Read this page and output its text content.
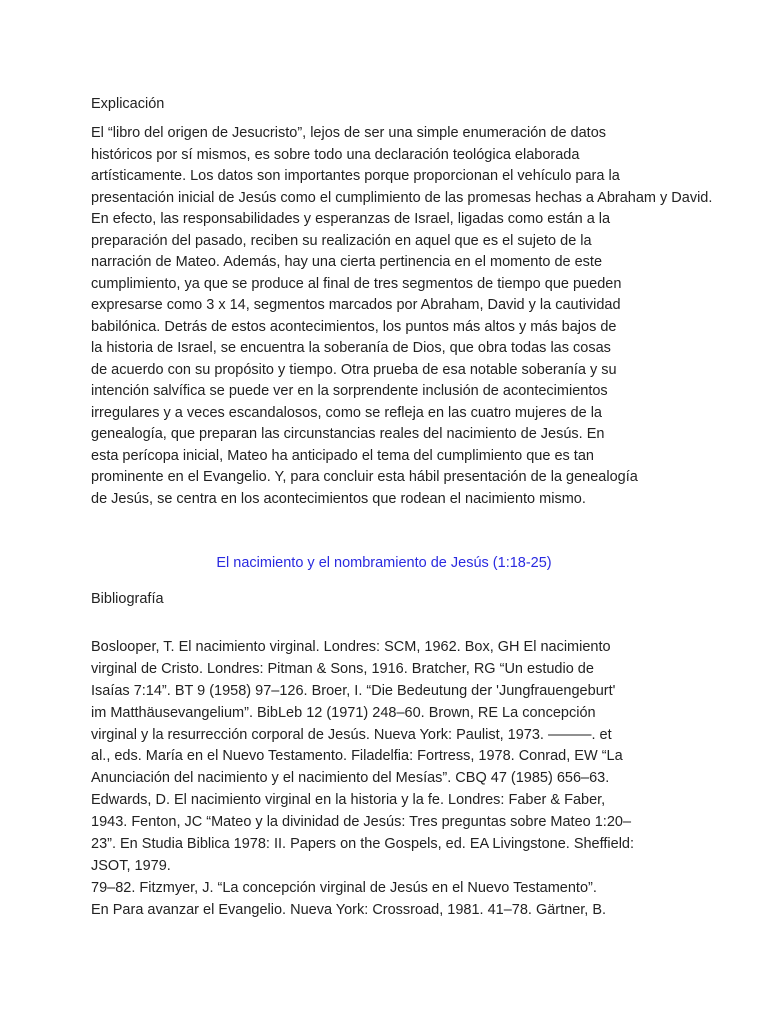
Explicación

El “libro del origen de Jesucristo”, lejos de ser una simple enumeración de datos
históricos por sí mismos, es sobre todo una declaración teológica elaborada
artísticamente. Los datos son importantes porque proporcionan el vehículo para la
presentación inicial de Jesús como el cumplimiento de las promesas hechas a Abraham y David.
En efecto, las responsabilidades y esperanzas de Israel, ligadas como están a la
preparación del pasado, reciben su realización en aquel que es el sujeto de la
narración de Mateo. Además, hay una cierta pertinencia en el momento de este
cumplimiento, ya que se produce al final de tres segmentos de tiempo que pueden
expresarse como 3 x 14, segmentos marcados por Abraham, David y la cautividad
babilónica. Detrás de estos acontecimientos, los puntos más altos y más bajos de
la historia de Israel, se encuentra la soberanía de Dios, que obra todas las cosas
de acuerdo con su propósito y tiempo. Otra prueba de esa notable soberanía y su
intención salvífica se puede ver en la sorprendente inclusión de acontecimientos
irregulares y a veces escandalosos, como se refleja en las cuatro mujeres de la
genealogía, que preparan las circunstancias reales del nacimiento de Jesús. En
esta perícopa inicial, Mateo ha anticipado el tema del cumplimiento que es tan
prominente en el Evangelio. Y, para concluir esta hábil presentación de la genealogía
de Jesús, se centra en los acontecimientos que rodean el nacimiento mismo.

El nacimiento y el nombramiento de Jesús (1:18-25)
Bibliografía

Boslooper, T. El nacimiento virginal. Londres: SCM, 1962. Box, GH El nacimiento
virginal de Cristo. Londres: Pitman & Sons, 1916. Bratcher, RG “Un estudio de
Isaías 7:14”. BT 9 (1958) 97–126. Broer, I. “Die Bedeutung der 'Jungfrauengeburt'
im Matthäusevangelium”. BibLeb 12 (1971) 248–60. Brown, RE La concepción
virginal y la resurrección corporal de Jesús. Nueva York: Paulist, 1973. ———. et
al., eds. María en el Nuevo Testamento. Filadelfia: Fortress, 1978. Conrad, EW “La
Anunciación del nacimiento y el nacimiento del Mesías”. CBQ 47 (1985) 656–63.
Edwards, D. El nacimiento virginal en la historia y la fe. Londres: Faber & Faber,
1943. Fenton, JC “Mateo y la divinidad de Jesús: Tres preguntas sobre Mateo 1:20–
23”. En Studia Biblica 1978: II. Papers on the Gospels, ed. EA Livingstone. Sheffield:
JSOT, 1979.
79–82. Fitzmyer, J. “La concepción virginal de Jesús en el Nuevo Testamento”.
En Para avanzar el Evangelio. Nueva York: Crossroad, 1981. 41–78. Gärtner, B.
